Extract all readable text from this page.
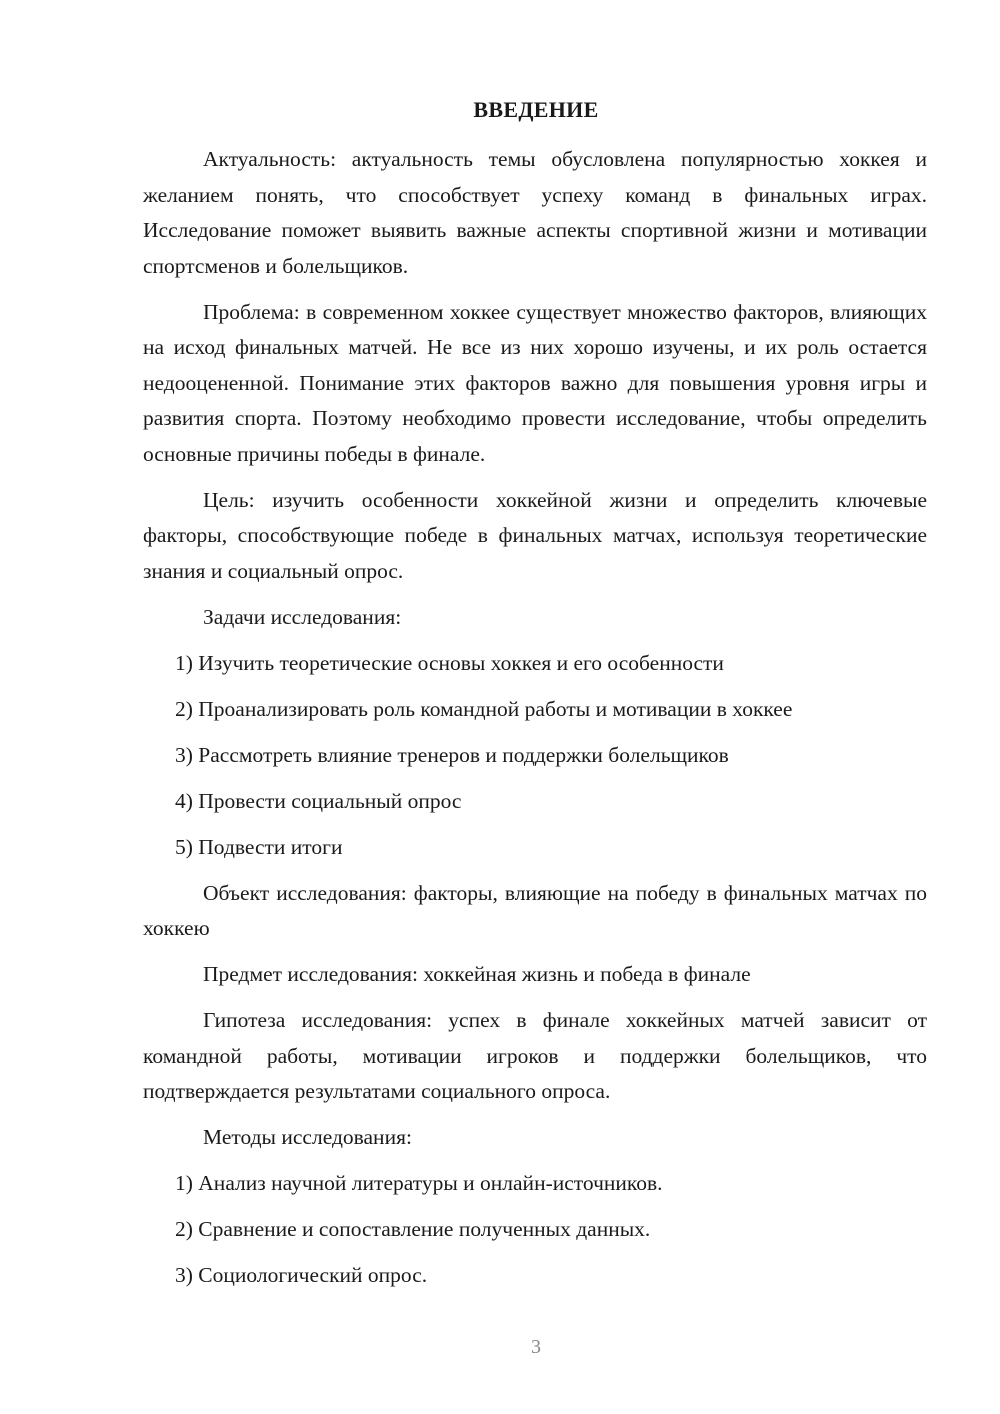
ВВЕДЕНИЕ

Актуальность: актуальность темы обусловлена популярностью хоккея и желанием понять, что способствует успеху команд в финальных играх. Исследование поможет выявить важные аспекты спортивной жизни и мотивации спортсменов и болельщиков.

Проблема: в современном хоккее существует множество факторов, влияющих на исход финальных матчей. Не все из них хорошо изучены, и их роль остается недооцененной. Понимание этих факторов важно для повышения уровня игры и развития спорта. Поэтому необходимо провести исследование, чтобы определить основные причины победы в финале.

Цель: изучить особенности хоккейной жизни и определить ключевые факторы, способствующие победе в финальных матчах, используя теоретические знания и социальный опрос.

Задачи исследования:

1) Изучить теоретические основы хоккея и его особенности

2) Проанализировать роль командной работы и мотивации в хоккее

3) Рассмотреть влияние тренеров и поддержки болельщиков

4) Провести социальный опрос

5) Подвести итоги

Объект исследования: факторы, влияющие на победу в финальных матчах по хоккею

Предмет исследования: хоккейная жизнь и победа в финале

Гипотеза исследования: успех в финале хоккейных матчей зависит от командной работы, мотивации игроков и поддержки болельщиков, что подтверждается результатами социального опроса.

Методы исследования:

1) Анализ научной литературы и онлайн-источников.

2) Сравнение и сопоставление полученных данных.

3) Социологический опрос.

3
